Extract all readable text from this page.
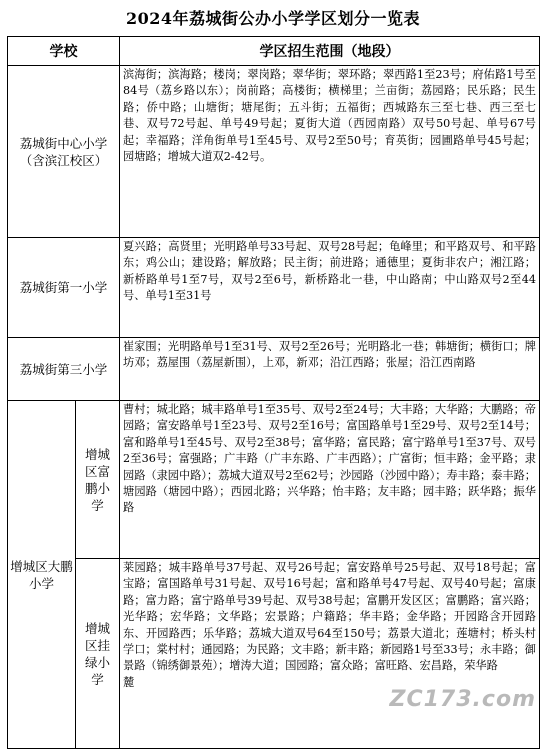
2024年荔城街公办小学学区划分一览表
学校		学区招生范围（地段）
荔城街中心小学（含滨江校区）		滨海街；滨海路；楼岗；翠岗路；翠华街；翠环路；翠西路1至23号；府佑路1号至84号（荔乡路以东）；岗前路；高楼街；横梯里；兰亩街；荔园路；民乐路；民生路；侨中路；山塘街；塘尾街；五斗街；五福街；西城路东三至七巷、西三至七巷、双号72号起、单号49号起；夏街大道（西园南路）双号50号起、单号67号起；幸福路；洋角街单号1至45号、双号2至50号；育英街；园圃路单号45号起；园塘路；增城大道双2-42号。
荔城街第一小学		夏兴路；高贤里；光明路单号33号起、双号28号起；龟峰里；和平路双号、和平路东；鸡公山；建设路；解放路；民主街；前进路；通德里；夏街非农户；湘江路；新桥路单号1至7号，双号2至6号，新桥路北一巷，中山路南；中山路双号2至44号、单号1至31号
荔城街第三小学		崔家围；光明路单号1至31号、双号2至26号；光明路北一巷；韩塘街；横街口；牌坊邓；荔屋围（荔屋新围），上邓，新邓；沿江西路；张屋；沿江西南路
增城区大鹏小学	增城区富鹏小学	曹村；城北路；城丰路单号1至35号、双号2至24号；大丰路；大华路；大鹏路；帝园路；富安路单号1至23号、双号2至16号；富国路单号1至29号、双号2至14号；富和路单号1至45号、双号2至38号；富华路；富民路；富宁路单号1至37号、双号2至36号；富强路；广丰路（广丰东路、广丰西路）；广富街；恒丰路；金平路；隶园路（隶园中路）；荔城大道双号2至62号；沙园路（沙园中路）；寿丰路；泰丰路；塘园路（塘园中路）；西园北路；兴华路；怡丰路；友丰路；园丰路；跃华路；振华路
	增城区挂绿小学	莱园路；城丰路单号37号起、双号26号起；富安路单号25号起、双号18号起；富宝路；富国路单号31号起、双号16号起；富和路单号47号起、双号40号起；富康路；富力路；富宁路单号39号起、双号38号起；富鹏开发区区；富鹏路；富兴路；光华路；宏华路；文华路；宏景路；户籍路；华丰路；金华路；开园路含开园路东、开园路西；乐华路；荔城大道双号64至150号；荔景大道北；莲塘村；桥头村学口；棠村村；通园路；为民路；文丰路；新丰路；新园路1号至33号；永丰路；御景路（锦绣御景苑）；增涛大道；国园路；富众路；富旺路、宏昌路，荣华路
麓
ZC173.com
